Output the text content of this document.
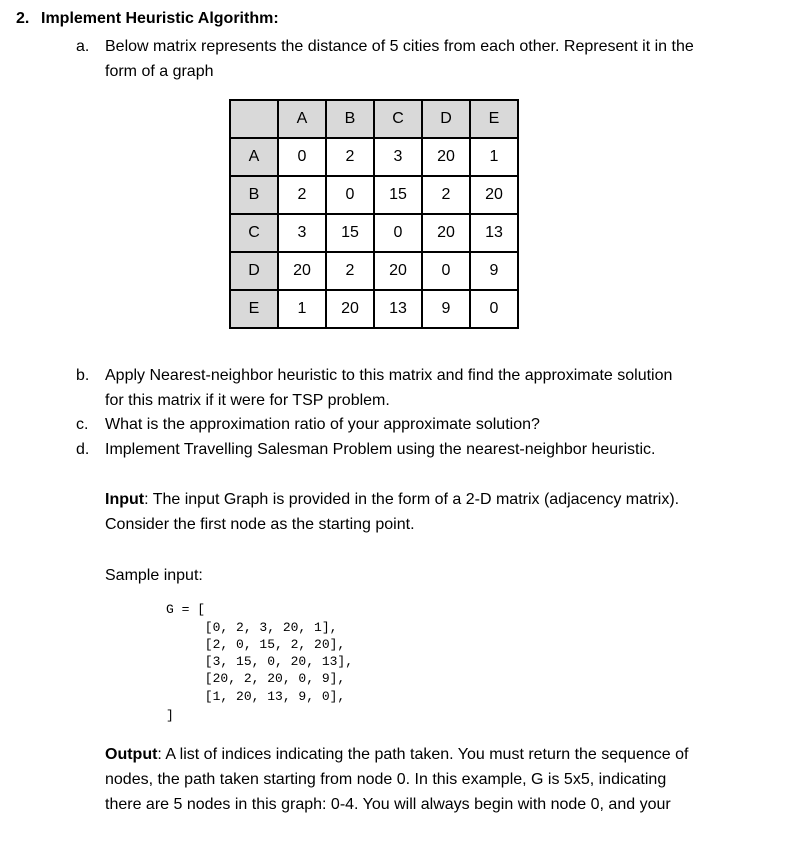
2. Implement Heuristic Algorithm:
a. Below matrix represents the distance of 5 cities from each other. Represent it in the
form of a graph
	A	B	C	D	E
A	0	2	3	20	1
B	2	0	15	2	20
C	3	15	0	20	13
D	20	2	20	0	9
E	1	20	13	9	0
b. Apply Nearest-neighbor heuristic to this matrix and find the approximate solution
for this matrix if it were for TSP problem.
c. What is the approximation ratio of your approximate solution?
d. Implement Travelling Salesman Problem using the nearest-neighbor heuristic.
Input: The input Graph is provided in the form of a 2-D matrix (adjacency matrix).
Consider the first node as the starting point.
Sample input:
G = [
[0, 2, 3, 20, 1],
[2, 0, 15, 2, 20],
[3, 15, 0, 20, 13],
[20, 2, 20, 0, 9],
[1, 20, 13, 9, 0],
]
Output: A list of indices indicating the path taken. You must return the sequence of
nodes, the path taken starting from node 0. In this example, G is 5x5, indicating
there are 5 nodes in this graph: 0-4. You will always begin with node 0, and your
